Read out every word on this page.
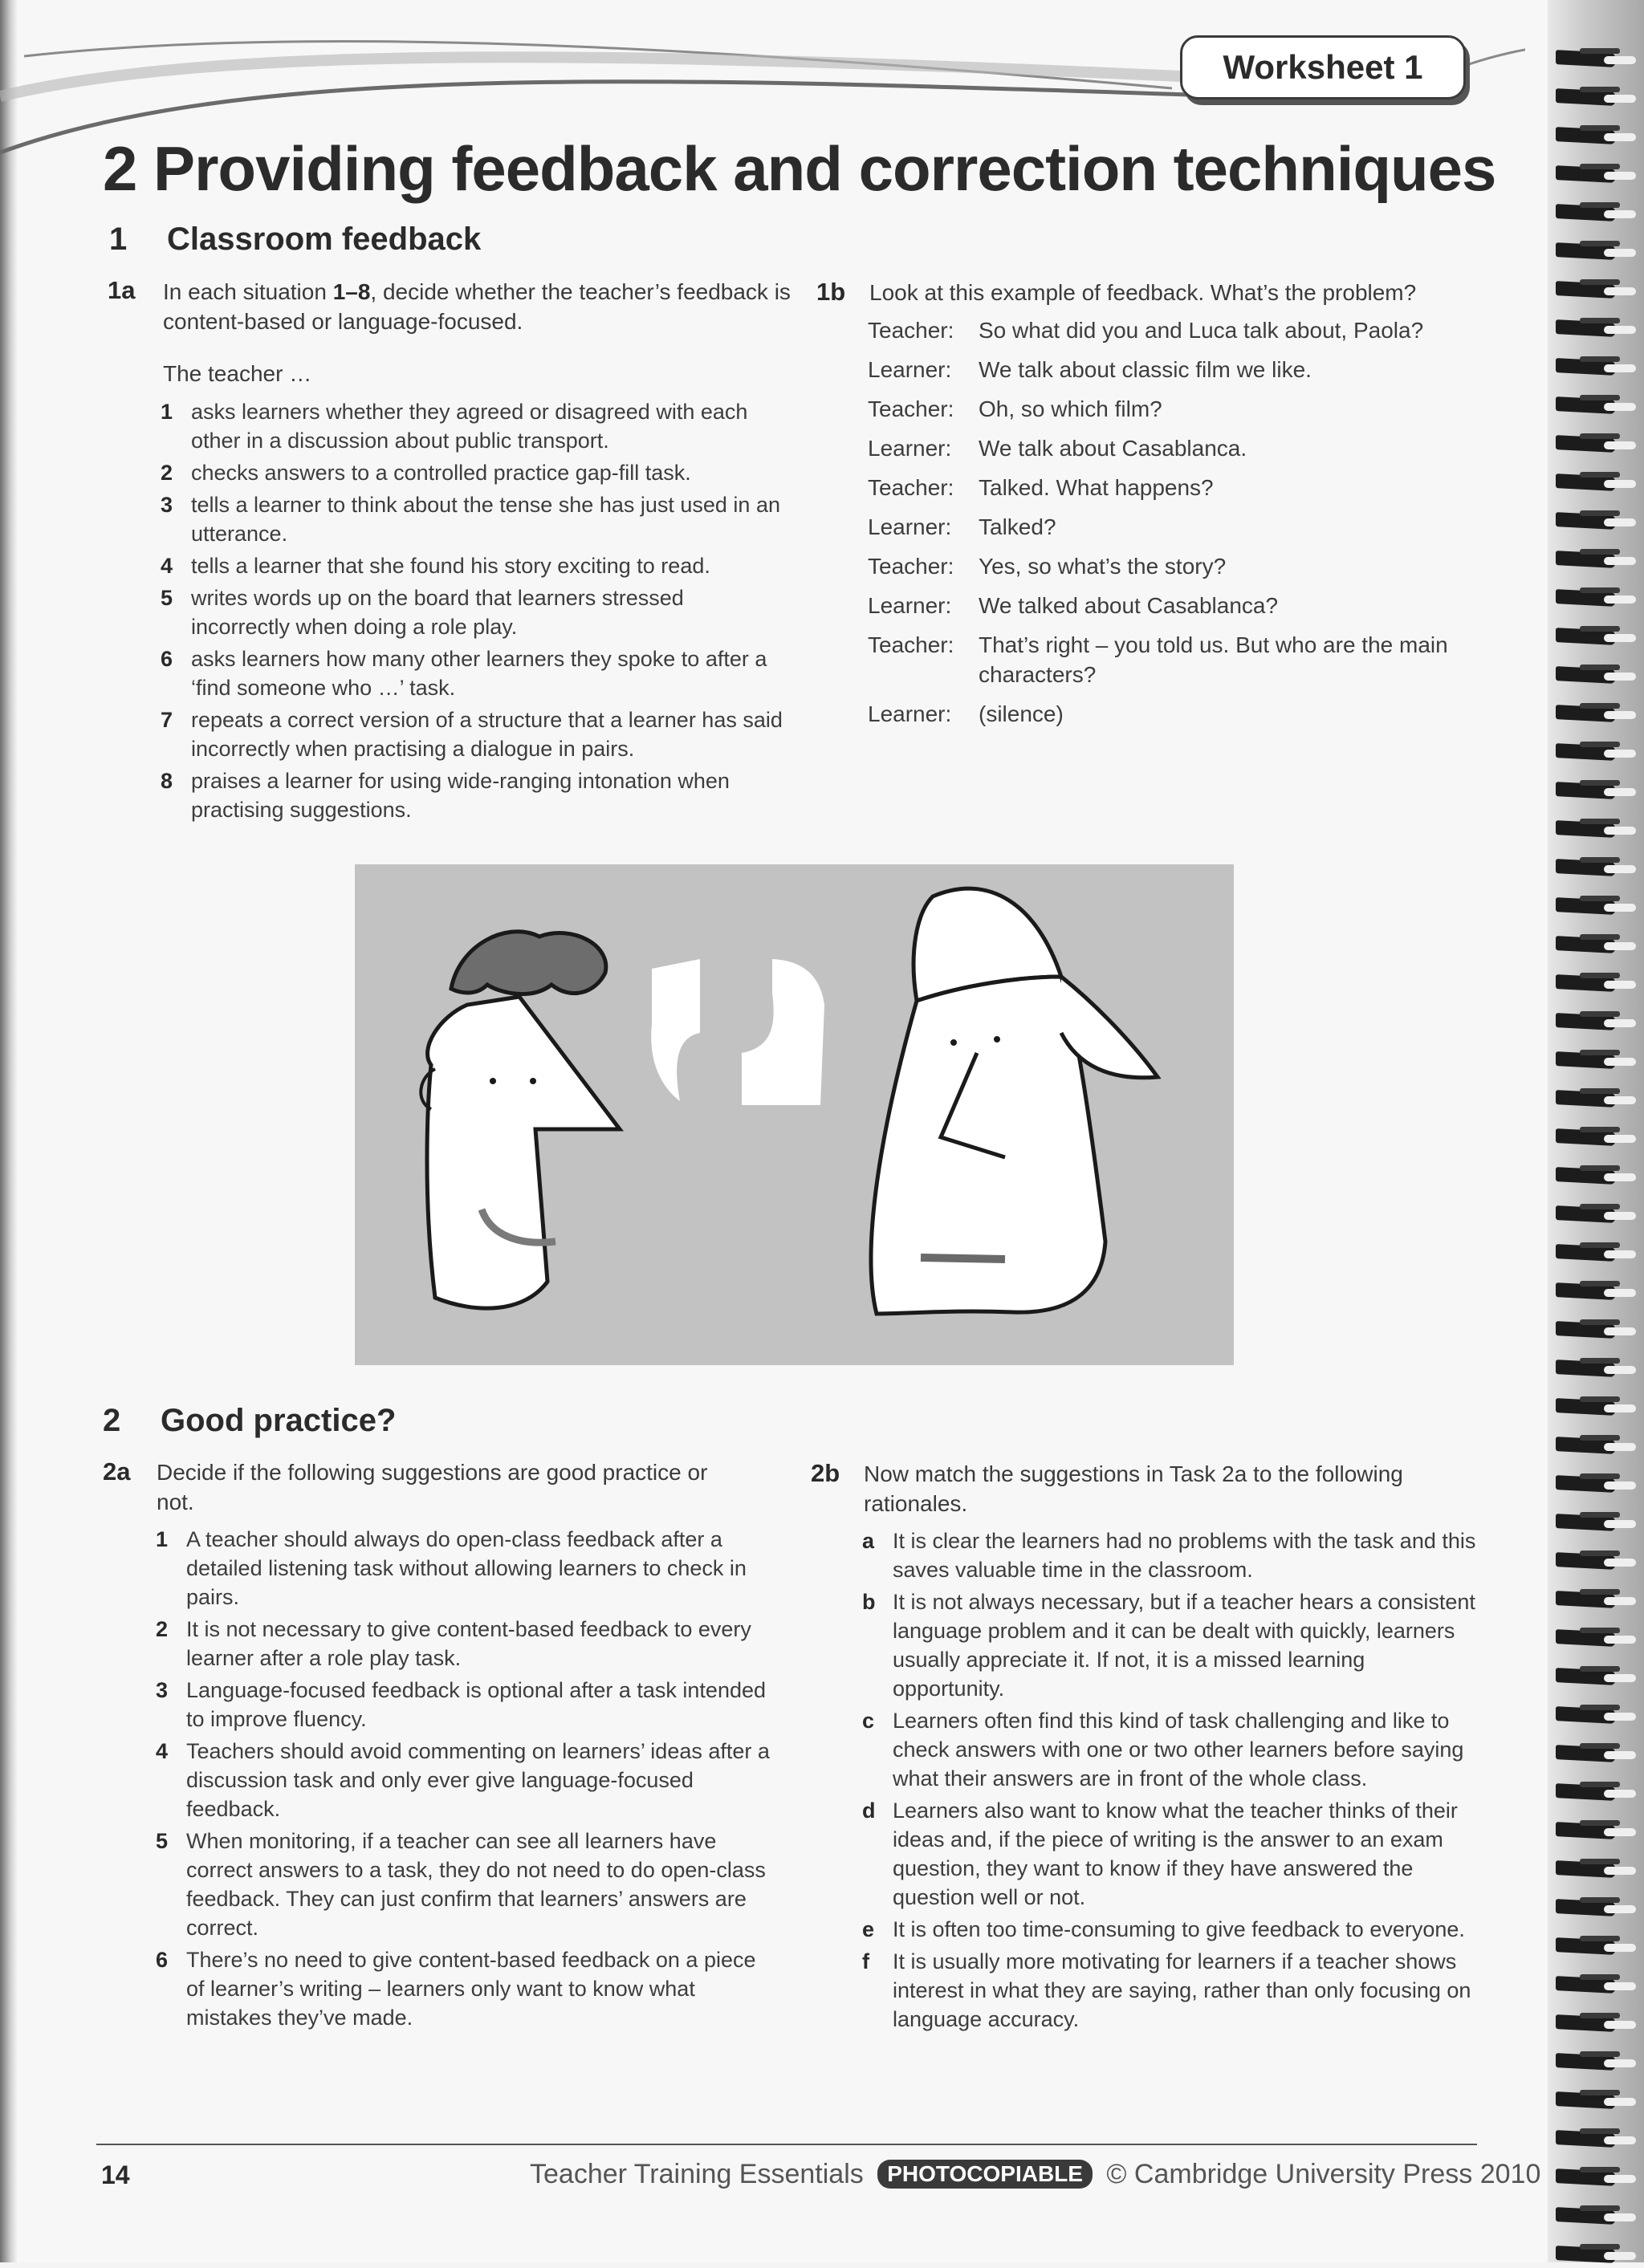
Worksheet 1
2 Providing feedback and correction techniques
1 Classroom feedback
1a In each situation 1–8, decide whether the teacher’s feedback is content-based or language-focused.
The teacher …
1 asks learners whether they agreed or disagreed with each other in a discussion about public transport.
2 checks answers to a controlled practice gap-fill task.
3 tells a learner to think about the tense she has just used in an utterance.
4 tells a learner that she found his story exciting to read.
5 writes words up on the board that learners stressed incorrectly when doing a role play.
6 asks learners how many other learners they spoke to after a ‘find someone who …’ task.
7 repeats a correct version of a structure that a learner has said incorrectly when practising a dialogue in pairs.
8 praises a learner for using wide-ranging intonation when practising suggestions.
1b Look at this example of feedback. What’s the problem?
Teacher:	So what did you and Luca talk about, Paola?
Learner:	We talk about classic film we like.
Teacher:	Oh, so which film?
Learner:	We talk about Casablanca.
Teacher:	Talked. What happens?
Learner:	Talked?
Teacher:	Yes, so what’s the story?
Learner:	We talked about Casablanca?
Teacher:	That’s right – you told us. But who are the main characters?
Learner:	(silence)
2 Good practice?
2a Decide if the following suggestions are good practice or not.
1 A teacher should always do open-class feedback after a detailed listening task without allowing learners to check in pairs.
2 It is not necessary to give content-based feedback to every learner after a role play task.
3 Language-focused feedback is optional after a task intended to improve fluency.
4 Teachers should avoid commenting on learners’ ideas after a discussion task and only ever give language-focused feedback.
5 When monitoring, if a teacher can see all learners have correct answers to a task, they do not need to do open-class feedback. They can just confirm that learners’ answers are correct.
6 There’s no need to give content-based feedback on a piece of learner’s writing – learners only want to know what mistakes they’ve made.
2b Now match the suggestions in Task 2a to the following rationales.
a It is clear the learners had no problems with the task and this saves valuable time in the classroom.
b It is not always necessary, but if a teacher hears a consistent language problem and it can be dealt with quickly, learners usually appreciate it. If not, it is a missed learning opportunity.
c Learners often find this kind of task challenging and like to check answers with one or two other learners before saying what their answers are in front of the whole class.
d Learners also want to know what the teacher thinks of their ideas and, if the piece of writing is the answer to an exam question, they want to know if they have answered the question well or not.
e It is often too time-consuming to give feedback to everyone.
f It is usually more motivating for learners if a teacher shows interest in what they are saying, rather than only focusing on language accuracy.
14	Teacher Training Essentials PHOTOCOPIABLE © Cambridge University Press 2010
